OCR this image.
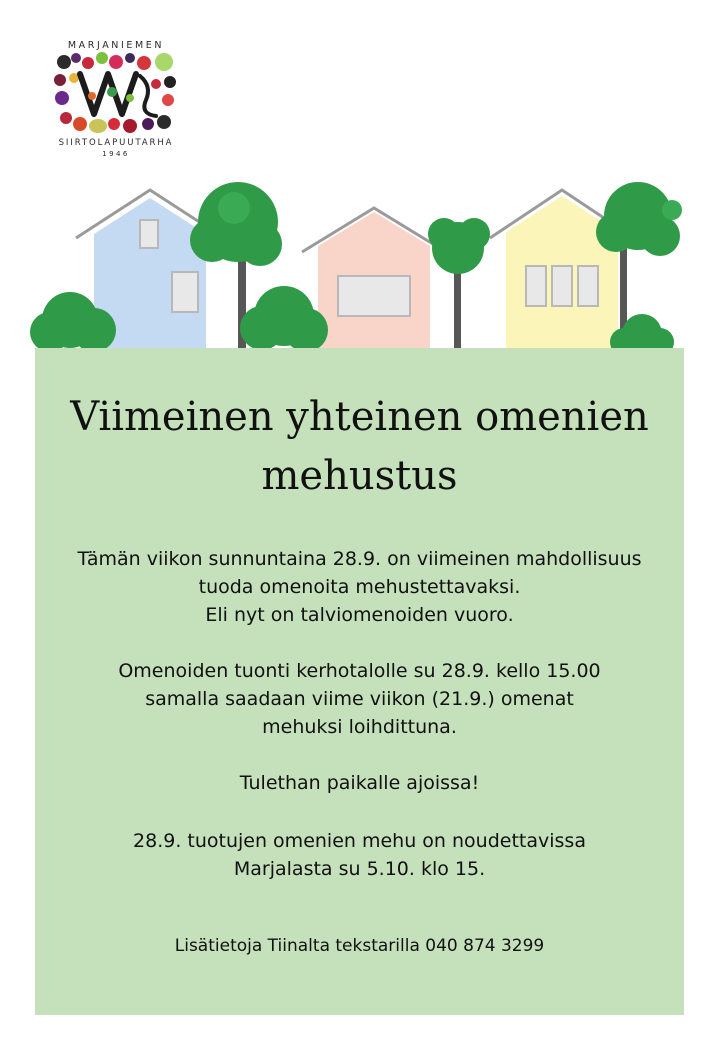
MARJANIEMEN
SIIRTOLAPUUTARHA
1946
Viimeinen yhteinen omenien
mehustus
Tämän viikon sunnuntaina 28.9. on viimeinen mahdollisuus
tuoda omenoita mehustettavaksi.
Eli nyt on talviomenoiden vuoro.
Omenoiden tuonti kerhotalolle su 28.9. kello 15.00
samalla saadaan viime viikon (21.9.) omenat
mehuksi loihdittuna.
Tulethan paikalle ajoissa!
28.9. tuotujen omenien mehu on noudettavissa
Marjalasta su 5.10. klo 15.
Lisätietoja Tiinalta tekstarilla 040 874 3299
